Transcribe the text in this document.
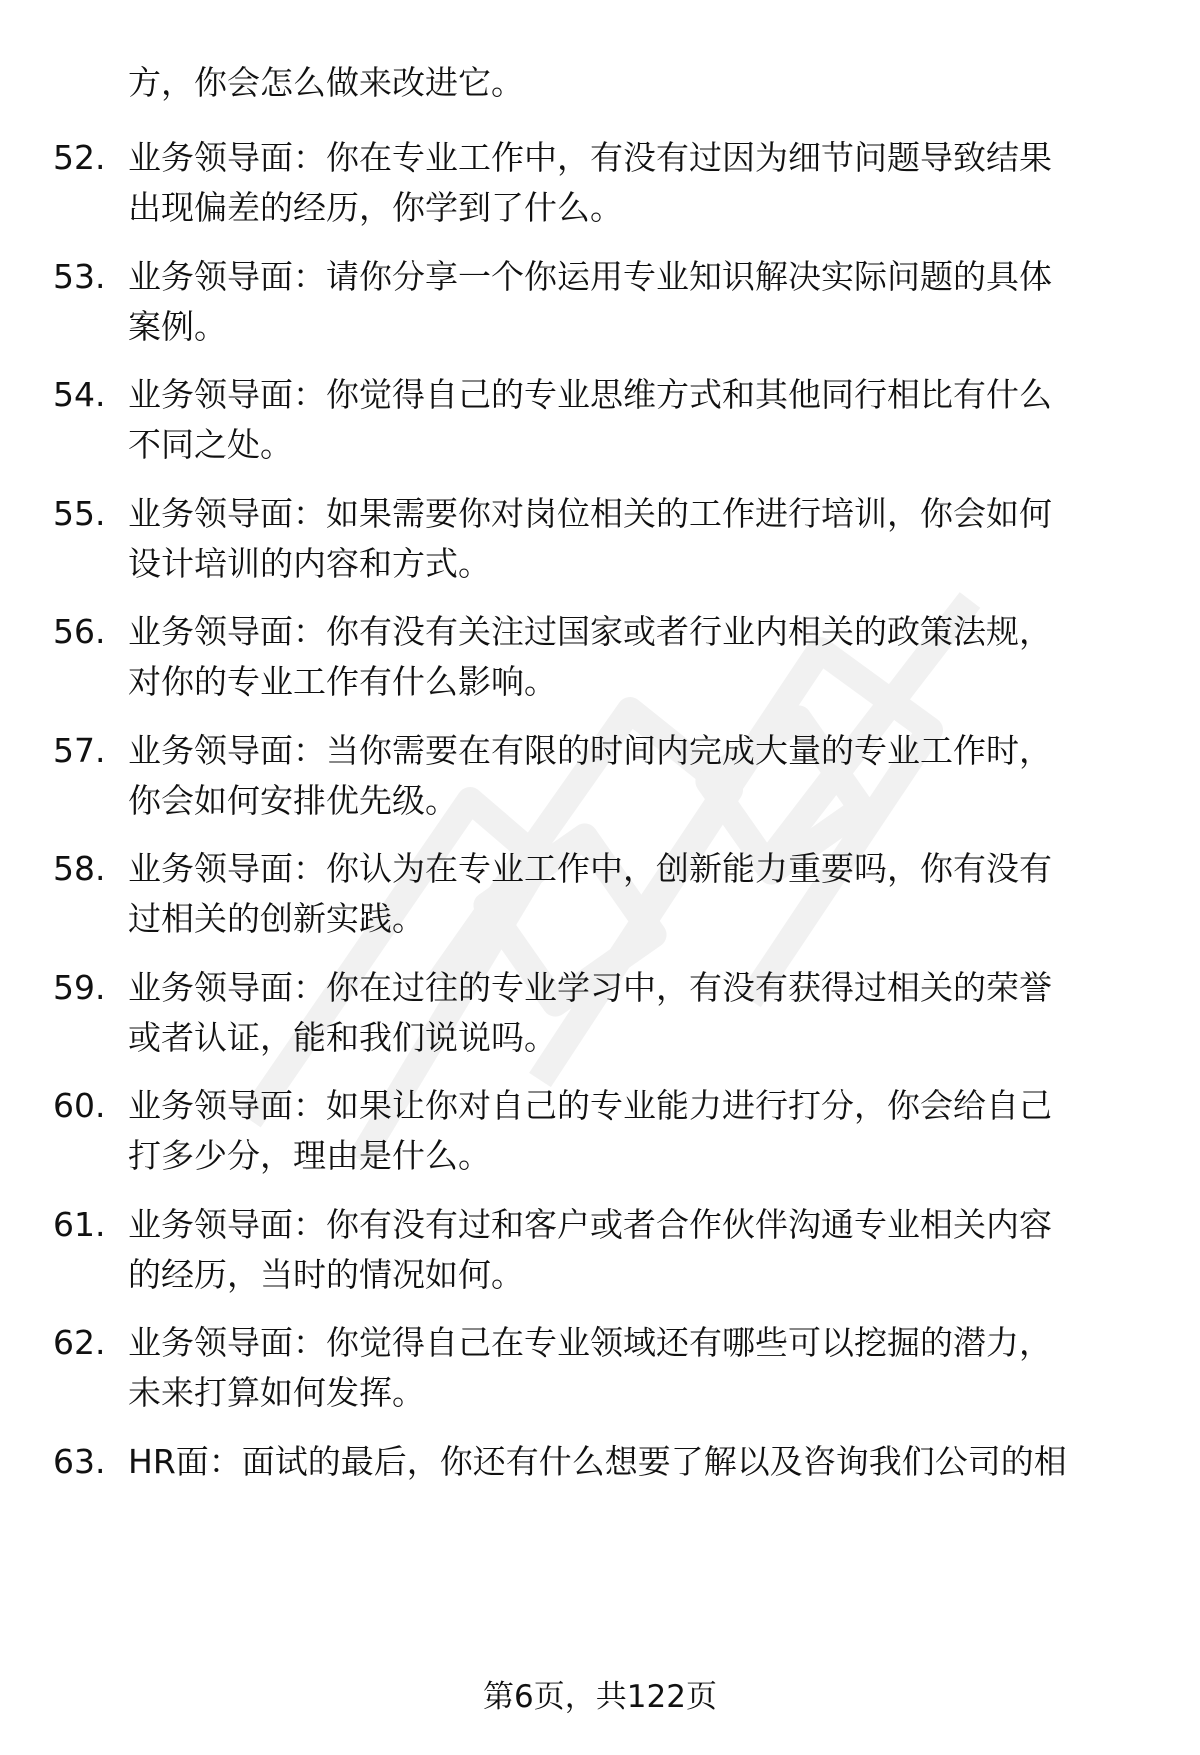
方，你会怎么做来改进它。
52. 业务领导面：你在专业工作中，有没有过因为细节问题导致结果
出现偏差的经历，你学到了什么。
53. 业务领导面：请你分享一个你运用专业知识解决实际问题的具体
案例。
54. 业务领导面：你觉得自己的专业思维方式和其他同行相比有什么
不同之处。
55. 业务领导面：如果需要你对岗位相关的工作进行培训，你会如何
设计培训的内容和方式。
56. 业务领导面：你有没有关注过国家或者行业内相关的政策法规，
对你的专业工作有什么影响。
57. 业务领导面：当你需要在有限的时间内完成大量的专业工作时，
你会如何安排优先级。
58. 业务领导面：你认为在专业工作中，创新能力重要吗，你有没有
过相关的创新实践。
59. 业务领导面：你在过往的专业学习中，有没有获得过相关的荣誉
或者认证，能和我们说说吗。
60. 业务领导面：如果让你对自己的专业能力进行打分，你会给自己
打多少分，理由是什么。
61. 业务领导面：你有没有过和客户或者合作伙伴沟通专业相关内容
的经历，当时的情况如何。
62. 业务领导面：你觉得自己在专业领域还有哪些可以挖掘的潜力，
未来打算如何发挥。
63. HR面：面试的最后，你还有什么想要了解以及咨询我们公司的相
第6页，共122页
